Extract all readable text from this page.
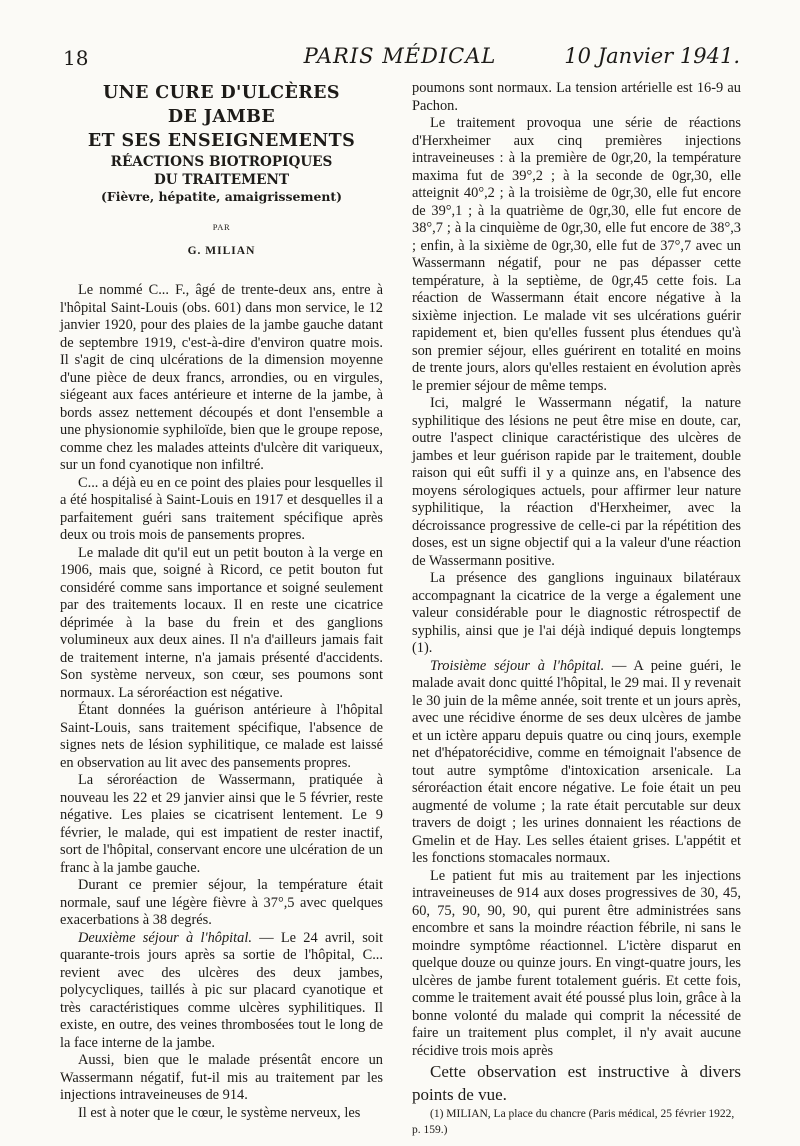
18	PARIS MÉDICAL	10 Janvier 1941.
UNE CURE D'ULCÈRES
DE JAMBE
ET SES ENSEIGNEMENTS
RÉACTIONS BIOTROPIQUES
DU TRAITEMENT
(Fièvre, hépatite, amaigrissement)
PAR
G. MILIAN

Le nommé C... F., âgé de trente-deux ans, entre à l'hôpital Saint-Louis (obs. 601) dans mon service, le 12 janvier 1920, pour des plaies de la jambe gauche datant de septembre 1919, c'est-à-dire d'environ quatre mois. Il s'agit de cinq ulcérations de la dimension moyenne d'une pièce de deux francs, arrondies, ou en virgules, siégeant aux faces antérieure et interne de la jambe, à bords assez nettement découpés et dont l'ensemble a une physionomie syphiloïde, bien que le groupe repose, comme chez les malades atteints d'ulcère dit variqueux, sur un fond cyanotique non infiltré.

C... a déjà eu en ce point des plaies pour lesquelles il a été hospitalisé à Saint-Louis en 1917 et desquelles il a parfaitement guéri sans traitement spécifique après deux ou trois mois de pansements propres.

Le malade dit qu'il eut un petit bouton à la verge en 1906, mais que, soigné à Ricord, ce petit bouton fut considéré comme sans importance et soigné seulement par des traitements locaux. Il en reste une cicatrice déprimée à la base du frein et des ganglions volumineux aux deux aines. Il n'a d'ailleurs jamais fait de traitement interne, n'a jamais présenté d'accidents. Son système nerveux, son cœur, ses poumons sont normaux. La séroréaction est négative.

Étant données la guérison antérieure à l'hôpital Saint-Louis, sans traitement spécifique, l'absence de signes nets de lésion syphilitique, ce malade est laissé en observation au lit avec des pansements propres.

La séroréaction de Wassermann, pratiquée à nouveau les 22 et 29 janvier ainsi que le 5 février, reste négative. Les plaies se cicatrisent lentement. Le 9 février, le malade, qui est impatient de rester inactif, sort de l'hôpital, conservant encore une ulcération de un franc à la jambe gauche.

Durant ce premier séjour, la température était normale, sauf une légère fièvre à 37°,5 avec quelques exacerbations à 38 degrés.

Deuxième séjour à l'hôpital. — Le 24 avril, soit quarante-trois jours après sa sortie de l'hôpital, C... revient avec des ulcères des deux jambes, polycycliques, taillés à pic sur placard cyanotique et très caractéristiques comme ulcères syphilitiques. Il existe, en outre, des veines thrombosées tout le long de la face interne de la jambe.

Aussi, bien que le malade présentât encore un Wassermann négatif, fut-il mis au traitement par les injections intraveineuses de 914.

Il est à noter que le cœur, le système nerveux, les

poumons sont normaux. La tension artérielle est 16-9 au Pachon.

Le traitement provoqua une série de réactions d'Herxheimer aux cinq premières injections intraveineuses : à la première de 0gr,20, la température maxima fut de 39°,2 ; à la seconde de 0gr,30, elle atteignit 40°,2 ; à la troisième de 0gr,30, elle fut encore de 39°,1 ; à la quatrième de 0gr,30, elle fut encore de 38°,7 ; à la cinquième de 0gr,30, elle fut encore de 38°,3 ; enfin, à la sixième de 0gr,30, elle fut de 37°,7 avec un Wassermann négatif, pour ne pas dépasser cette température, à la septième, de 0gr,45 cette fois. La réaction de Wassermann était encore négative à la sixième injection. Le malade vit ses ulcérations guérir rapidement et, bien qu'elles fussent plus étendues qu'à son premier séjour, elles guérirent en totalité en moins de trente jours, alors qu'elles restaient en évolution après le premier séjour de même temps.

Ici, malgré le Wassermann négatif, la nature syphilitique des lésions ne peut être mise en doute, car, outre l'aspect clinique caractéristique des ulcères de jambes et leur guérison rapide par le traitement, double raison qui eût suffi il y a quinze ans, en l'absence des moyens sérologiques actuels, pour affirmer leur nature syphilitique, la réaction d'Herxheimer, avec la décroissance progressive de celle-ci par la répétition des doses, est un signe objectif qui a la valeur d'une réaction de Wassermann positive.

La présence des ganglions inguinaux bilatéraux accompagnant la cicatrice de la verge a également une valeur considérable pour le diagnostic rétrospectif de syphilis, ainsi que je l'ai déjà indiqué depuis longtemps (1).

Troisième séjour à l'hôpital. — A peine guéri, le malade avait donc quitté l'hôpital, le 29 mai. Il y revenait le 30 juin de la même année, soit trente et un jours après, avec une récidive énorme de ses deux ulcères de jambe et un ictère apparu depuis quatre ou cinq jours, exemple net d'hépatorécidive, comme en témoignait l'absence de tout autre symptôme d'intoxication arsenicale. La séroréaction était encore négative. Le foie était un peu augmenté de volume ; la rate était percutable sur deux travers de doigt ; les urines donnaient les réactions de Gmelin et de Hay. Les selles étaient grises. L'appétit et les fonctions stomacales normaux.

Le patient fut mis au traitement par les injections intraveineuses de 914 aux doses progressives de 30, 45, 60, 75, 90, 90, 90, qui purent être administrées sans encombre et sans la moindre réaction fébrile, ni sans le moindre symptôme réactionnel. L'ictère disparut en quelque douze ou quinze jours. En vingt-quatre jours, les ulcères de jambe furent totalement guéris. Et cette fois, comme le traitement avait été poussé plus loin, grâce à la bonne volonté du malade qui comprit la nécessité de faire un traitement plus complet, il n'y avait aucune récidive trois mois après

Cette observation est instructive à divers points de vue.

(1) MILIAN, La place du chancre (Paris médical, 25 février 1922, p. 159.)
